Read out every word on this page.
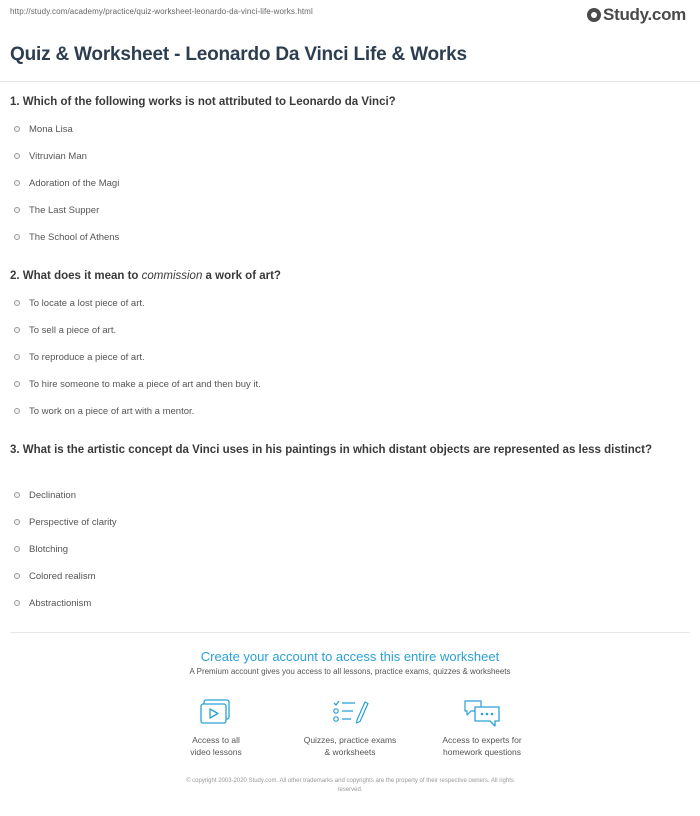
http://study.com/academy/practice/quiz-worksheet-leonardo-da-vinci-life-works.html	Study.com
Quiz & Worksheet - Leonardo Da Vinci Life & Works
1. Which of the following works is not attributed to Leonardo da Vinci?
Mona Lisa
Vitruvian Man
Adoration of the Magi
The Last Supper
The School of Athens
2. What does it mean to commission a work of art?
To locate a lost piece of art.
To sell a piece of art.
To reproduce a piece of art.
To hire someone to make a piece of art and then buy it.
To work on a piece of art with a mentor.
3. What is the artistic concept da Vinci uses in his paintings in which distant objects are represented as less distinct?
Declination
Perspective of clarity
Blotching
Colored realism
Abstractionism
Create your account to access this entire worksheet
A Premium account gives you access to all lessons, practice exams, quizzes & worksheets
Access to all
video lessons
Quizzes, practice exams
& worksheets
Access to experts for
homework questions
© copyright 2003-2020 Study.com. All other trademarks and copyrights are the property of their respective owners. All rights
reserved.
